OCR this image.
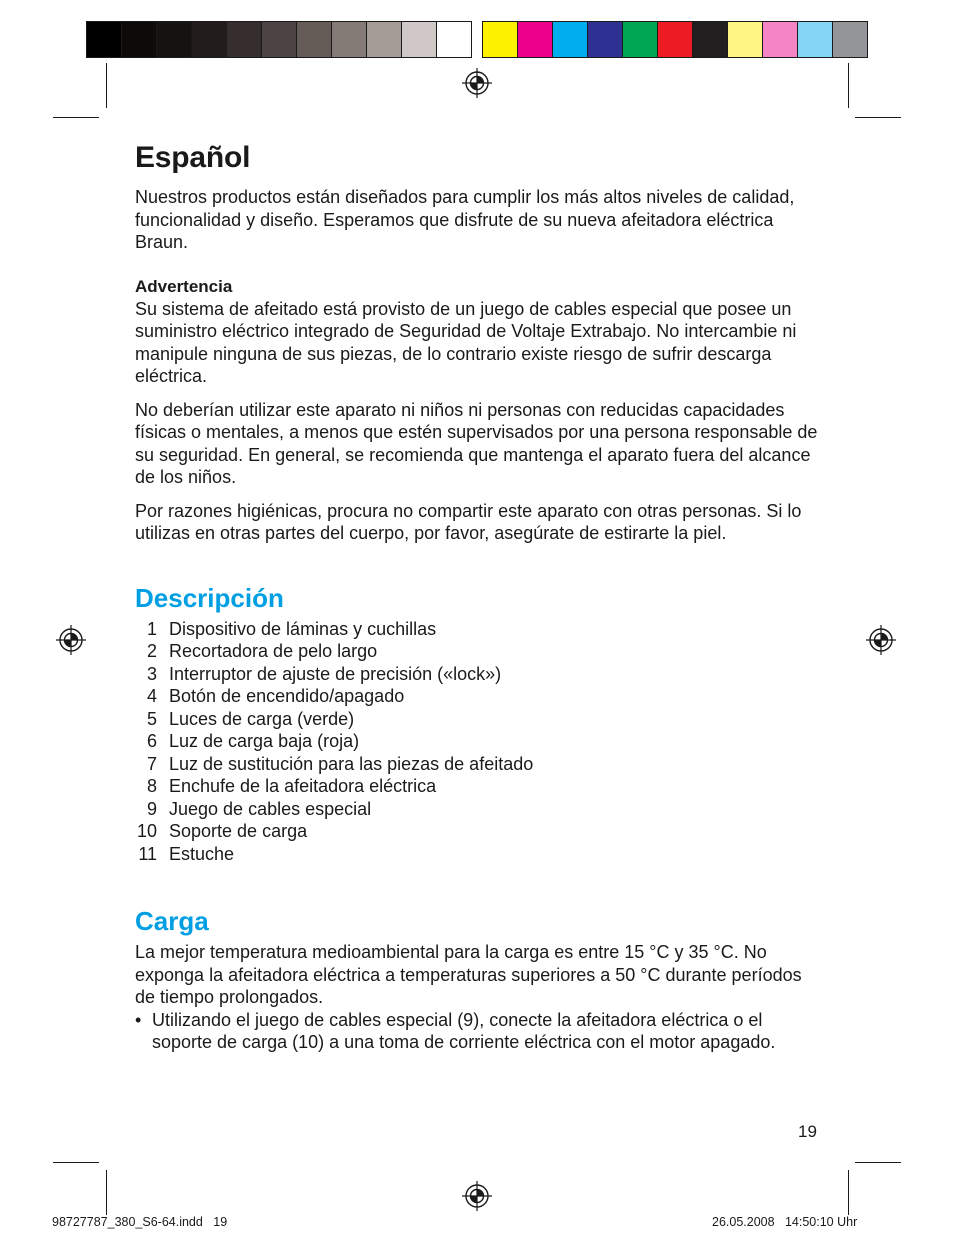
Español

Nuestros productos están diseñados para cumplir los más altos niveles de calidad, funcionalidad y diseño. Esperamos que disfrute de su nueva afeitadora eléctrica Braun.

Advertencia

Su sistema de afeitado está provisto de un juego de cables especial que posee un suministro eléctrico integrado de Seguridad de Voltaje Extrabajo. No intercambie ni manipule ninguna de sus piezas, de lo contrario existe riesgo de sufrir descarga eléctrica.

No deberían utilizar este aparato ni niños ni personas con reducidas capacidades físicas o mentales, a menos que estén supervisados por una persona responsable de su seguridad. En general, se recomienda que mantenga el aparato fuera del alcance de los niños.

Por razones higiénicas, procura no compartir este aparato con otras personas. Si lo utilizas en otras partes del cuerpo, por favor, asegúrate de estirarte la piel.

Descripción
1 Dispositivo de láminas y cuchillas
2 Recortadora de pelo largo
3 Interruptor de ajuste de precisión («lock»)
4 Botón de encendido/apagado
5 Luces de carga (verde)
6 Luz de carga baja (roja)
7 Luz de sustitución para las piezas de afeitado
8 Enchufe de la afeitadora eléctrica
9 Juego de cables especial
10 Soporte de carga
11 Estuche
Carga

La mejor temperatura medioambiental para la carga es entre 15 °C y 35 °C. No exponga la afeitadora eléctrica a temperaturas superiores a 50 °C durante períodos de tiempo prolongados.

• Utilizando el juego de cables especial (9), conecte la afeitadora eléctrica o el soporte de carga (10) a una toma de corriente eléctrica con el motor apagado.
19
98727787_380_S6-64.indd   19	26.05.2008   14:50:10 Uhr
